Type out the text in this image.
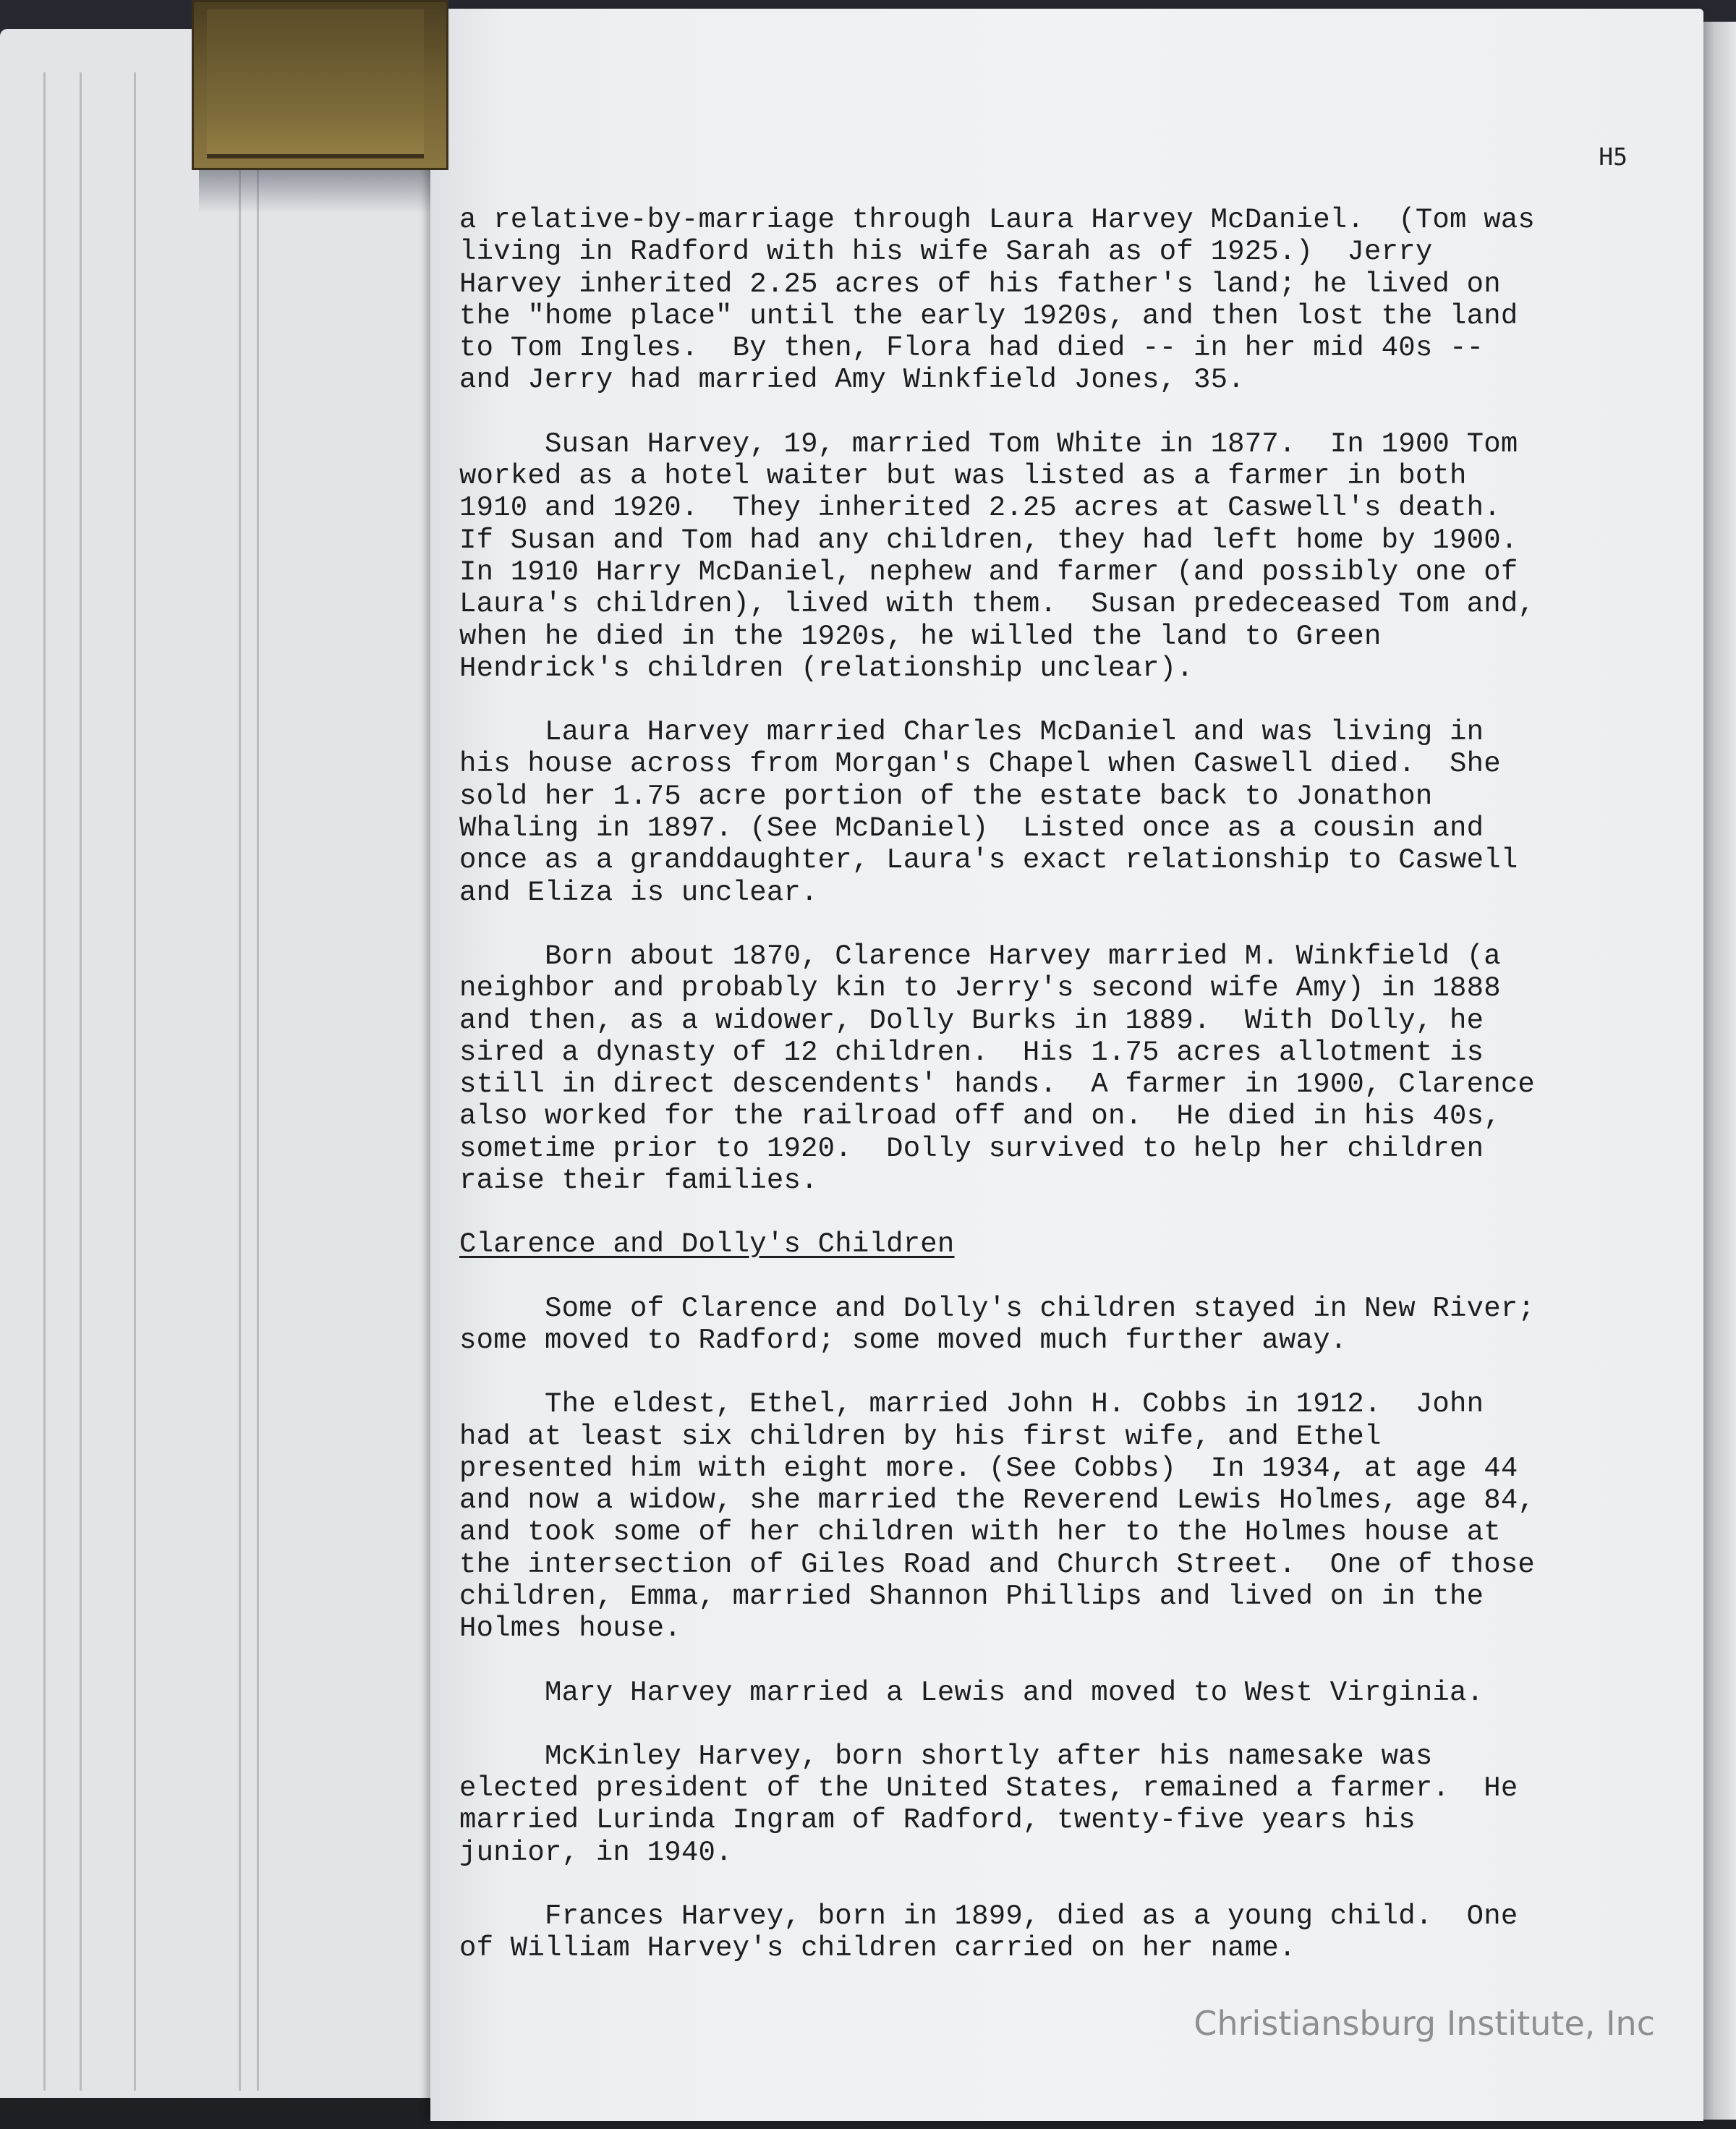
H5
a relative-by-marriage through Laura Harvey McDaniel.  (Tom was
living in Radford with his wife Sarah as of 1925.)  Jerry
Harvey inherited 2.25 acres of his father's land; he lived on
the "home place" until the early 1920s, and then lost the land
to Tom Ingles.  By then, Flora had died -- in her mid 40s --
and Jerry had married Amy Winkfield Jones, 35.
Susan Harvey, 19, married Tom White in 1877.  In 1900 Tom
worked as a hotel waiter but was listed as a farmer in both
1910 and 1920.  They inherited 2.25 acres at Caswell's death.
If Susan and Tom had any children, they had left home by 1900.
In 1910 Harry McDaniel, nephew and farmer (and possibly one of
Laura's children), lived with them.  Susan predeceased Tom and,
when he died in the 1920s, he willed the land to Green
Hendrick's children (relationship unclear).
Laura Harvey married Charles McDaniel and was living in
his house across from Morgan's Chapel when Caswell died.  She
sold her 1.75 acre portion of the estate back to Jonathon
Whaling in 1897. (See McDaniel)  Listed once as a cousin and
once as a granddaughter, Laura's exact relationship to Caswell
and Eliza is unclear.
Born about 1870, Clarence Harvey married M. Winkfield (a
neighbor and probably kin to Jerry's second wife Amy) in 1888
and then, as a widower, Dolly Burks in 1889.  With Dolly, he
sired a dynasty of 12 children.  His 1.75 acres allotment is
still in direct descendents' hands.  A farmer in 1900, Clarence
also worked for the railroad off and on.  He died in his 40s,
sometime prior to 1920.  Dolly survived to help her children
raise their families.
Clarence and Dolly's Children
Some of Clarence and Dolly's children stayed in New River;
some moved to Radford; some moved much further away.
The eldest, Ethel, married John H. Cobbs in 1912.  John
had at least six children by his first wife, and Ethel
presented him with eight more. (See Cobbs)  In 1934, at age 44
and now a widow, she married the Reverend Lewis Holmes, age 84,
and took some of her children with her to the Holmes house at
the intersection of Giles Road and Church Street.  One of those
children, Emma, married Shannon Phillips and lived on in the
Holmes house.
Mary Harvey married a Lewis and moved to West Virginia.
McKinley Harvey, born shortly after his namesake was
elected president of the United States, remained a farmer.  He
married Lurinda Ingram of Radford, twenty-five years his
junior, in 1940.
Frances Harvey, born in 1899, died as a young child.  One
of William Harvey's children carried on her name.
Christiansburg Institute, Inc
